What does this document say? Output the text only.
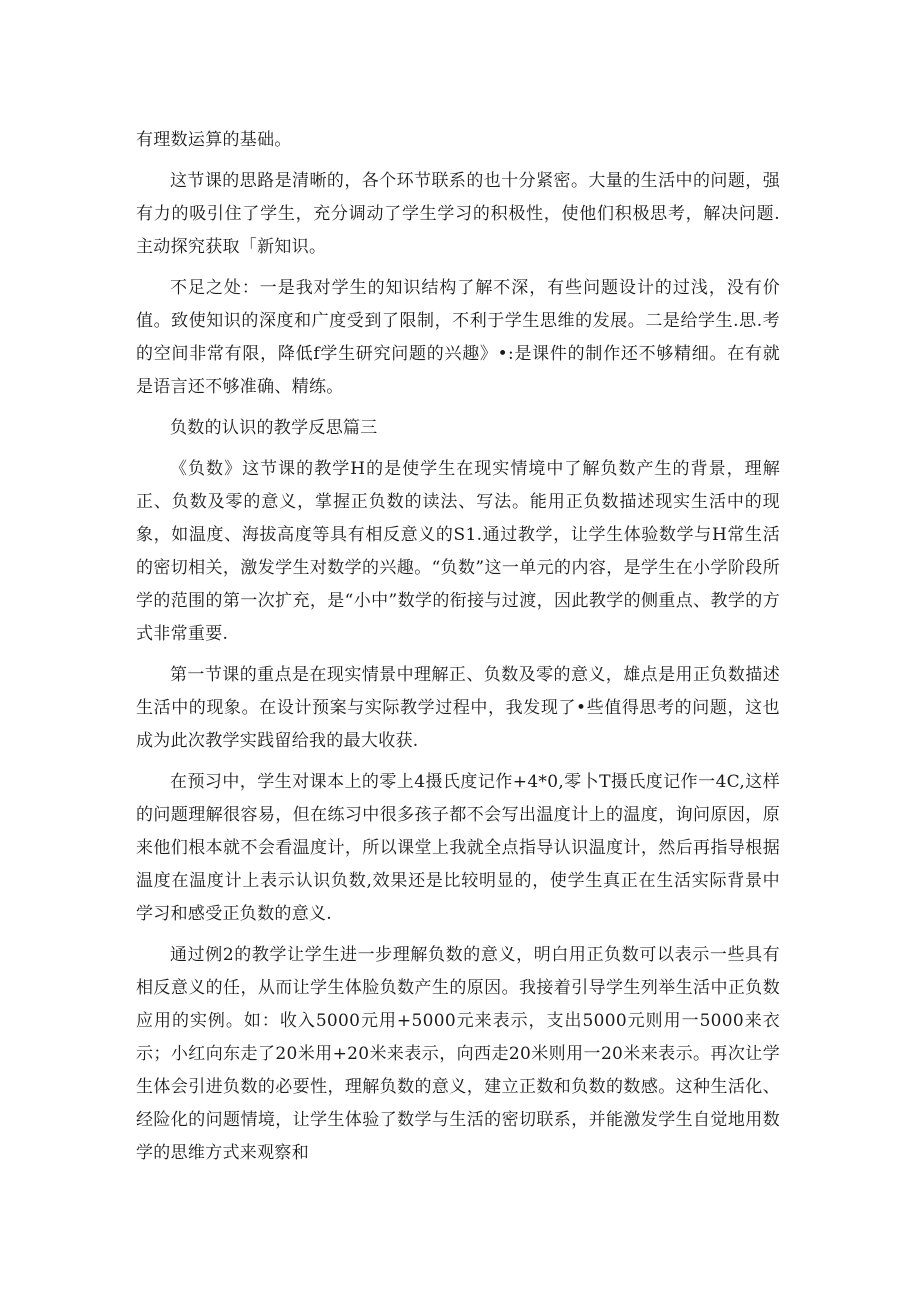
有理数运算的基础。

这节课的思路是清晰的，各个环节联系的也十分紧密。大量的生活中的问题，强有力的吸引住了学生，充分调动了学生学习的积极性，使他们积极思考，解决问题.主动探究获取「新知识。

不足之处：一是我对学生的知识结构了解不深，有些问题设计的过浅，没有价值。致使知识的深度和广度受到了限制，不利于学生思维的发展。二是给学生.思.考的空间非常有限，降低f学生研究问题的兴趣》•:是课件的制作还不够精细。在有就是语言还不够准确、精练。

负数的认识的教学反思篇三

《负数》这节课的教学H的是使学生在现实情境中了解负数产生的背景，理解正、负数及零的意义，掌握正负数的读法、写法。能用正负数描述现实生活中的现象，如温度、海拔高度等具有相反意义的S1.通过教学，让学生体验数学与H常生活的密切相关，激发学生对数学的兴趣。“负数”这一单元的内容，是学生在小学阶段所学的范围的第一次扩充，是“小中”数学的衔接与过渡，因此教学的侧重点、教学的方式非常重要.

第一节课的重点是在现实情景中理解正、负数及零的意义，雄点是用正负数描述生活中的现象。在设计预案与实际教学过程中，我发现了•些值得思考的问题，这也成为此次教学实践留给我的最大收获.

在预习中，学生对课本上的零上4摄氏度记作+4*0,零卜T摄氏度记作一4C,这样的问题理解很容易，但在练习中很多孩子都不会写出温度计上的温度，询问原因，原来他们根本就不会看温度计，所以课堂上我就全点指导认识温度计，然后再指导根据温度在温度计上表示认识负数,效果还是比较明显的，使学生真正在生活实际背景中学习和感受正负数的意义.

通过例2的教学让学生进一步理解负数的意义，明白用正负数可以表示一些具有相反意义的任，从而让学生体脸负数产生的原因。我接着引导学生列举生活中正负数应用的实例。如：收入5000元用+5000元来表示，支出5000元则用一5000来衣示；小红向东走了20米用+20米来表示，向西走20米则用一20米来表示。再次让学生体会引进负数的必要性，理解负数的意义，建立正数和负数的数感。这种生活化、经险化的问题情境，让学生体验了数学与生活的密切联系，并能激发学生自觉地用数学的思维方式来观察和
